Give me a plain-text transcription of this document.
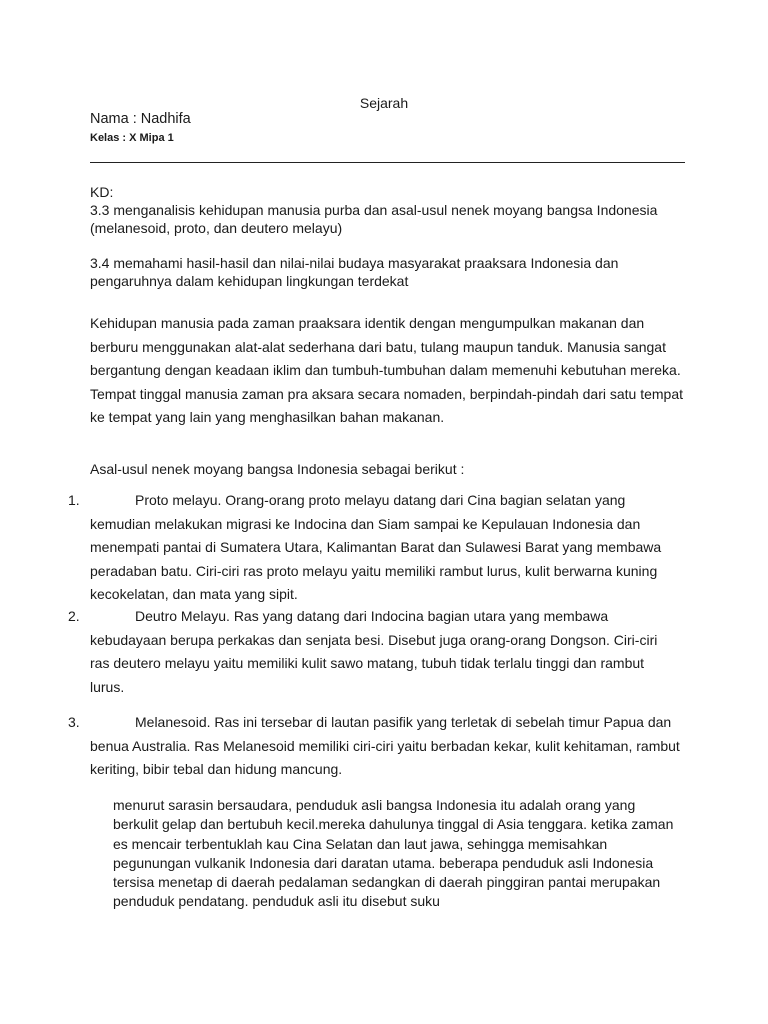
Sejarah

Nama : Nadhifa

Kelas : X Mipa 1

KD:

3.3 menganalisis kehidupan manusia purba dan asal-usul nenek moyang bangsa Indonesia (melanesoid, proto, dan deutero melayu)

3.4 memahami hasil-hasil dan nilai-nilai budaya masyarakat praaksara Indonesia dan pengaruhnya dalam kehidupan lingkungan terdekat

Kehidupan manusia pada zaman praaksara identik dengan mengumpulkan makanan dan berburu menggunakan alat-alat sederhana dari batu, tulang maupun tanduk. Manusia sangat bergantung dengan keadaan iklim dan tumbuh-tumbuhan dalam memenuhi kebutuhan mereka. Tempat tinggal manusia zaman pra aksara secara nomaden, berpindah-pindah dari satu tempat ke tempat yang lain yang menghasilkan bahan makanan.

Asal-usul nenek moyang bangsa Indonesia sebagai berikut :

1.	Proto melayu. Orang-orang proto melayu datang dari Cina bagian selatan yang kemudian melakukan migrasi ke Indocina dan Siam sampai ke Kepulauan Indonesia dan menempati pantai di Sumatera Utara, Kalimantan Barat dan Sulawesi Barat yang membawa peradaban batu. Ciri-ciri ras proto melayu yaitu memiliki rambut lurus, kulit berwarna kuning kecokelatan, dan mata yang sipit.

2.	Deutro Melayu. Ras yang datang dari Indocina bagian utara yang membawa kebudayaan berupa perkakas dan senjata besi. Disebut juga orang-orang Dongson. Ciri-ciri ras deutero melayu yaitu memiliki kulit sawo matang, tubuh tidak terlalu tinggi dan rambut lurus.

3.	Melanesoid. Ras ini tersebar di lautan pasifik yang terletak di sebelah timur Papua dan benua Australia. Ras Melanesoid memiliki ciri-ciri yaitu berbadan kekar, kulit kehitaman, rambut keriting, bibir tebal dan hidung mancung.

menurut sarasin bersaudara, penduduk asli bangsa Indonesia itu adalah orang yang berkulit gelap dan bertubuh kecil.mereka dahulunya tinggal di Asia tenggara. ketika zaman es mencair terbentuklah kau Cina Selatan dan laut jawa, sehingga memisahkan pegunungan vulkanik Indonesia dari daratan utama. beberapa penduduk asli Indonesia tersisa menetap di daerah pedalaman sedangkan di daerah pinggiran pantai merupakan penduduk pendatang. penduduk asli itu disebut suku
